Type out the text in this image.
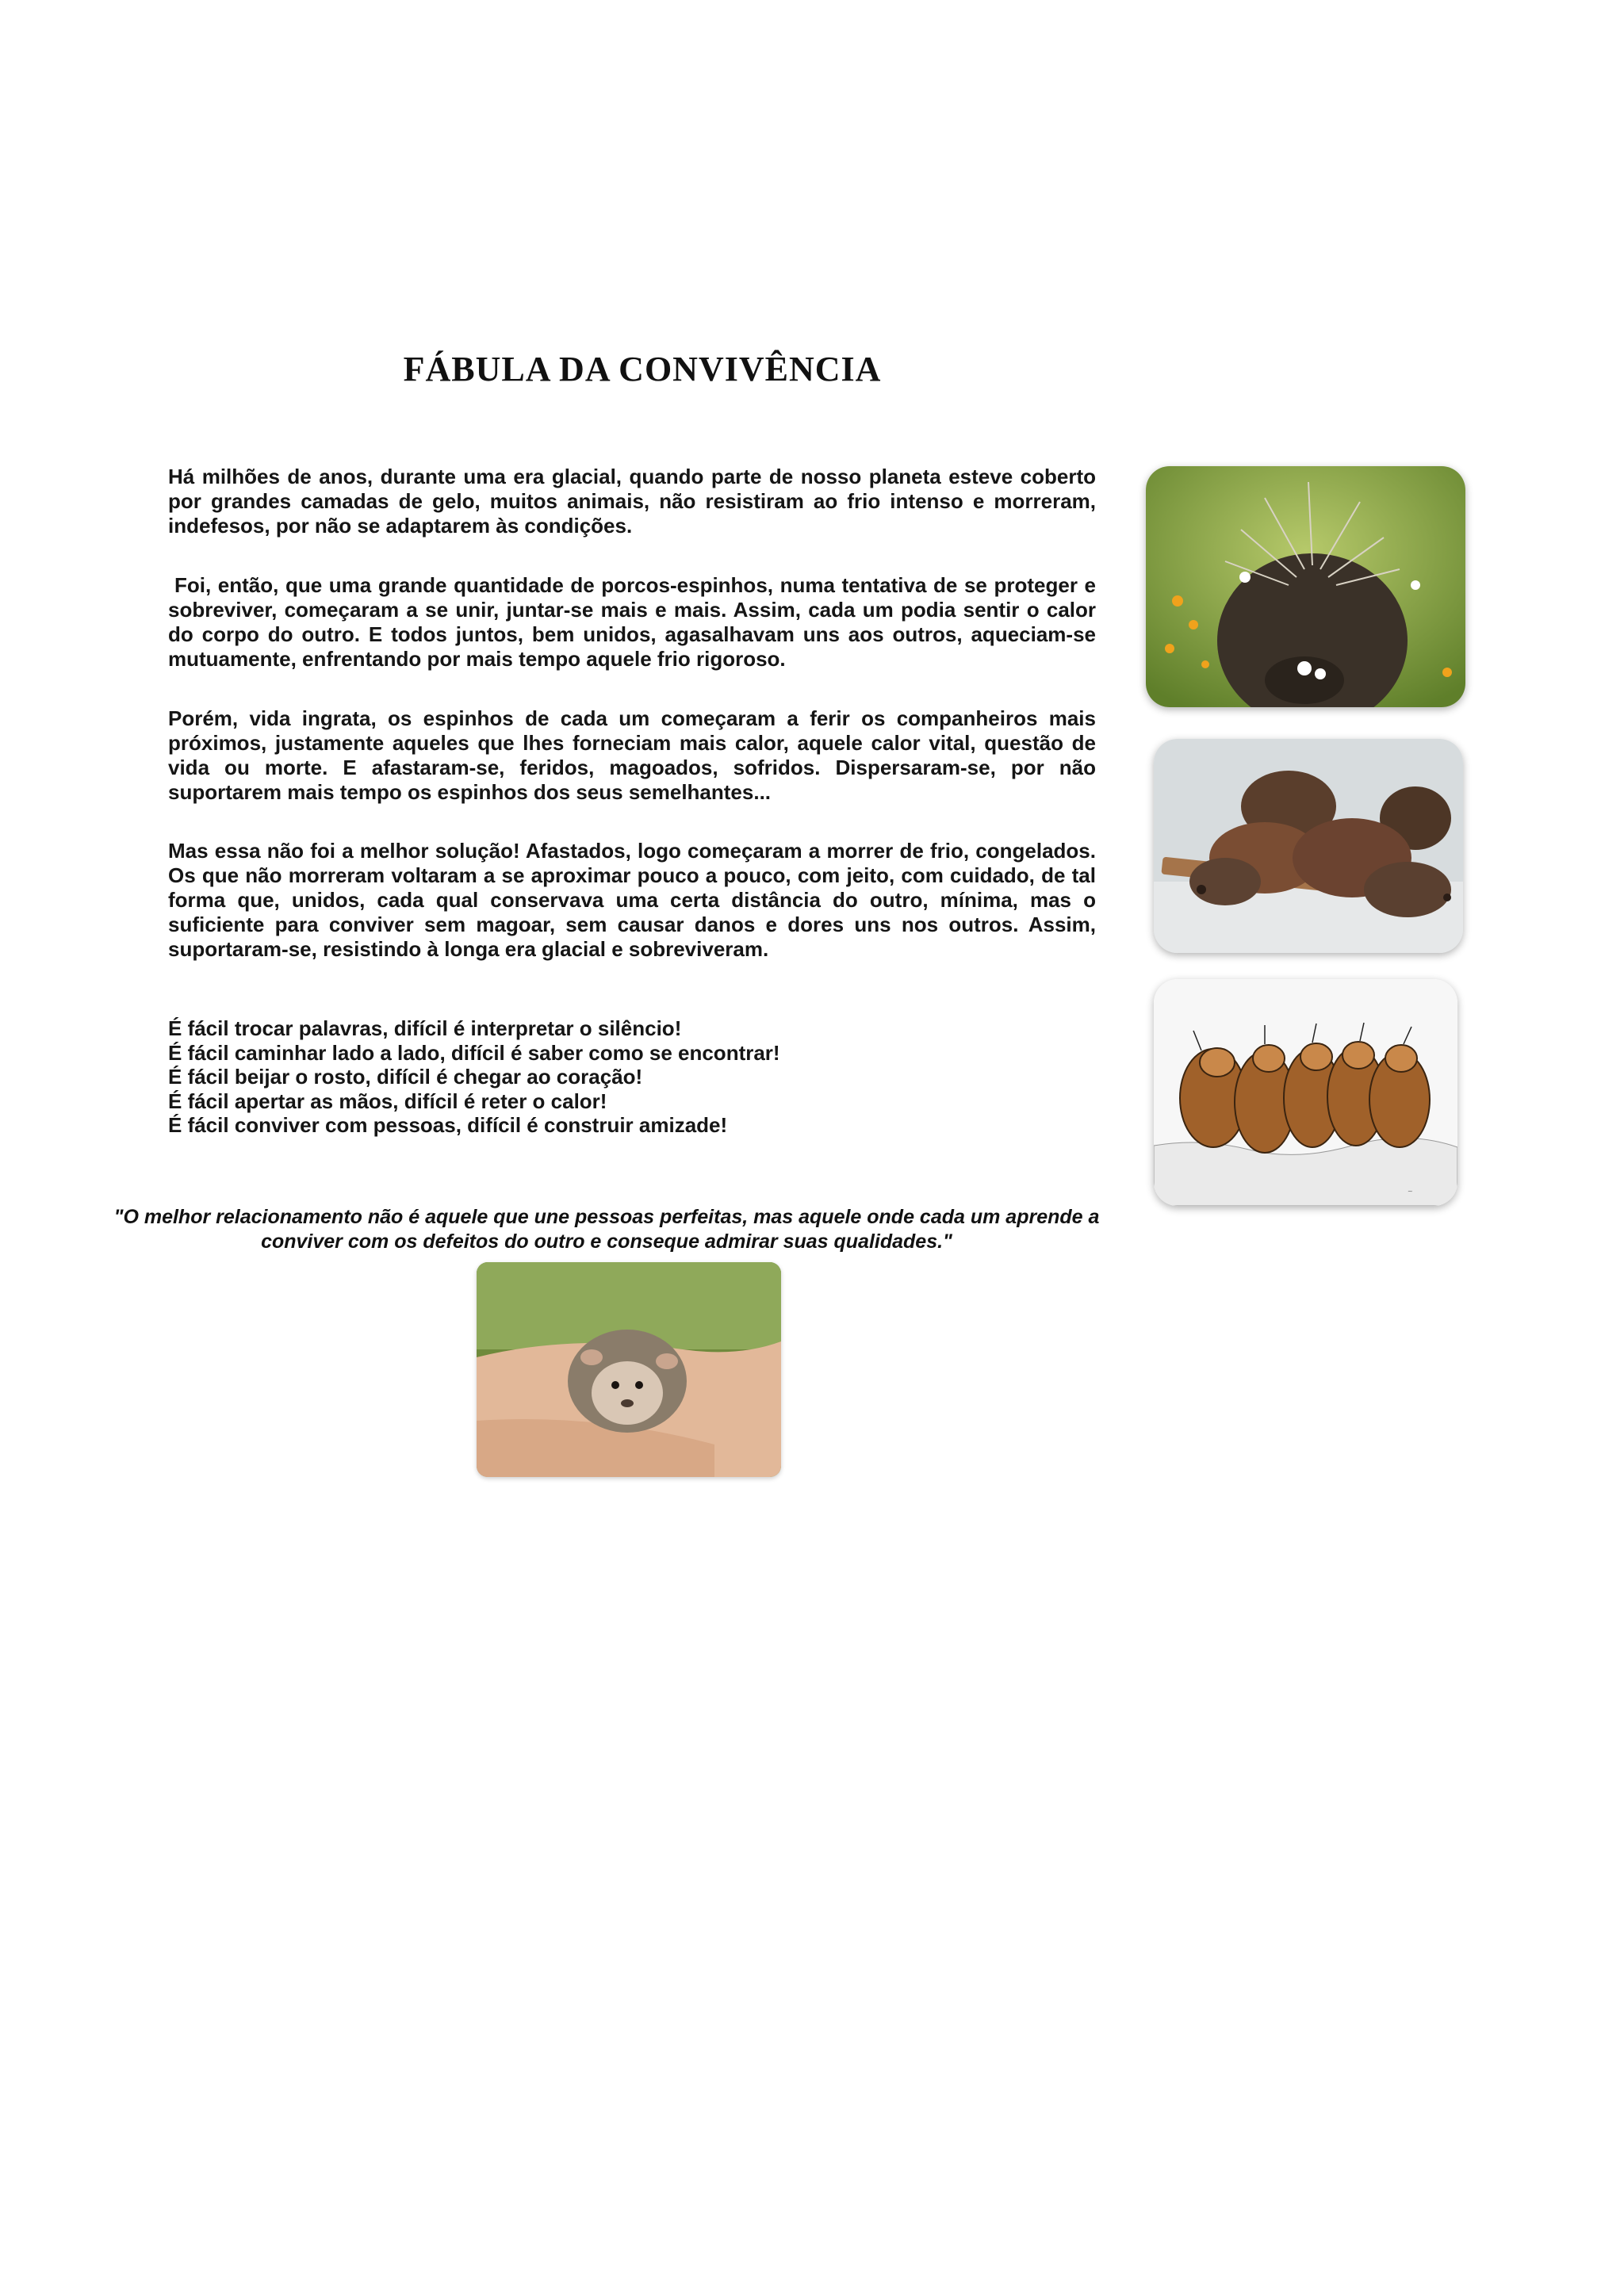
FÁBULA DA CONVIVÊNCIA

Há milhões de anos, durante uma era glacial, quando parte de nosso planeta esteve coberto por grandes camadas de gelo, muitos animais, não resistiram ao frio intenso e morreram, indefesos, por não se adaptarem às condições.

Foi, então, que uma grande quantidade de porcos-espinhos, numa tentativa de se proteger e sobreviver, começaram a se unir, juntar-se mais e mais. Assim, cada um podia sentir o calor do corpo do outro. E todos juntos, bem unidos, agasalhavam uns aos outros, aqueciam-se mutuamente, enfrentando por mais tempo aquele frio rigoroso.

Porém, vida ingrata, os espinhos de cada um começaram a ferir os companheiros mais próximos, justamente aqueles que lhes forneciam mais calor, aquele calor vital, questão de vida ou morte. E afastaram-se, feridos, magoados, sofridos. Dispersaram-se, por não suportarem mais tempo os espinhos dos seus semelhantes...

Mas essa não foi a melhor solução! Afastados, logo começaram a morrer de frio, congelados. Os que não morreram voltaram a se aproximar pouco a pouco, com jeito, com cuidado, de tal forma que, unidos, cada qual conservava uma certa distância do outro, mínima, mas o suficiente para conviver sem magoar, sem causar danos e dores uns nos outros. Assim, suportaram-se, resistindo à longa era glacial e sobreviveram.

É fácil trocar palavras, difícil é interpretar o silêncio!
É fácil caminhar lado a lado, difícil é saber como se encontrar!
É fácil beijar o rosto, difícil é chegar ao coração!
É fácil apertar as mãos, difícil é reter o calor!
É fácil conviver com pessoas, difícil é construir amizade!

"O melhor relacionamento não é aquele que une pessoas perfeitas, mas aquele onde cada um aprende a conviver com os defeitos do outro e conseque admirar suas qualidades."

~
